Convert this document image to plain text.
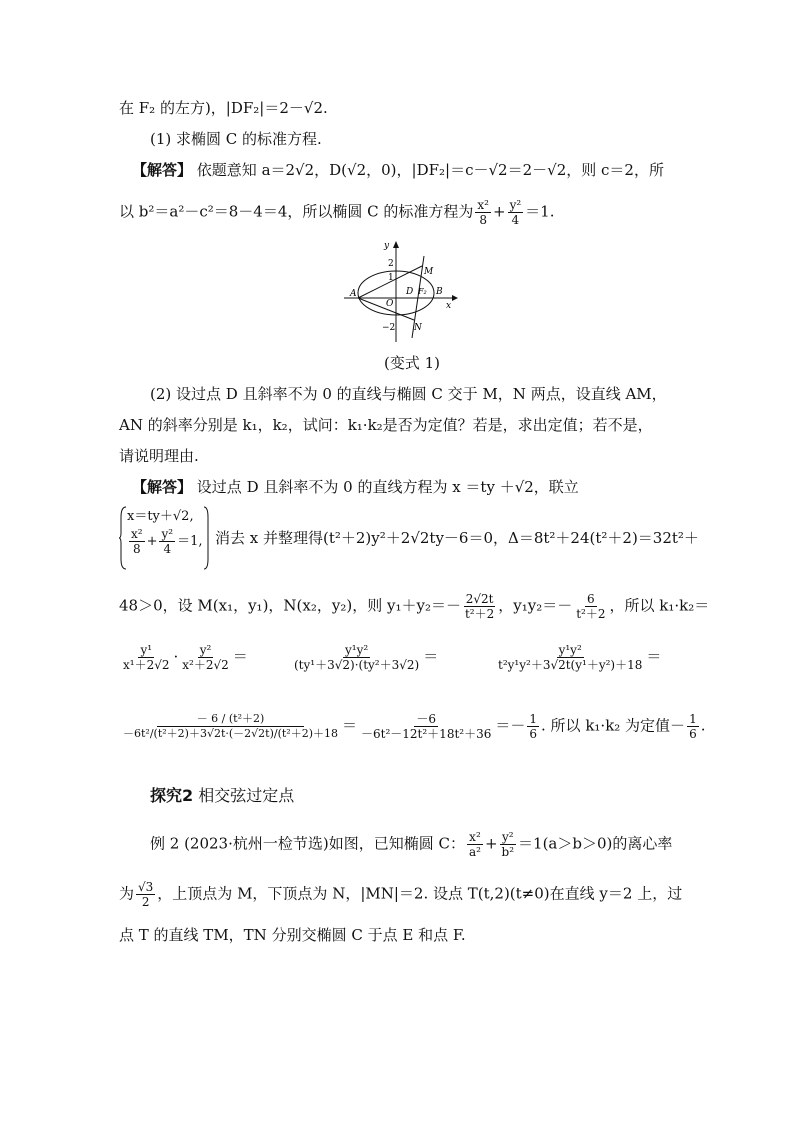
在 F₂ 的左方)，|DF₂|＝2－√2.
(1) 求椭圆 C 的标准方程.
【解答】 依题意知 a＝2√2，D(√2，0)，|DF₂|＝c－√2＝2－√2，则 c＝2，所
以 b²＝a²－c²＝8－4＝4，所以椭圆 C 的标准方程为 $\frac{\text{x²}}{8} + \frac{\text{y²}}{4} =1$.
y
2
1
A
O
D F₂ B
x
M
N
−2
(变式 1)
(2) 设过点 D 且斜率不为 0 的直线与椭圆 C 交于 M，N 两点，设直线 AM，
AN 的斜率分别是 k₁，k₂，试问：k₁·k₂是否为定值？若是，求出定值；若不是，
请说明理由.
【解答】 设过点 D 且斜率不为 0 的直线方程为 x ＝ty ＋√2，联立
x＝ty＋√2,
$\frac{\text{x²}}{8} + \frac{\text{y²}}{4} =1$, 消去 x 并整理得(t²＋2)y²＋2√2ty－6＝0，Δ＝8t²＋24(t²＋2)＝32t²＋
48＞0，设 M(x₁，y₁)，N(x₂，y₂)，则 $y_1+y_2=- \frac{2√2t}{\text{t²＋2}}$ ，$y_1y_2=- \frac{6}{\text{t²＋2}}$ ，所以 k₁·k₂＝
$\frac{\text{y¹}}{\text{x¹＋2√2}} \cdot \frac{\text{y²}}{\text{x²＋2√2}}$ ＝	$\frac{\text{y¹y²}}{\text{(ty¹＋3√2)·(ty²＋3√2)}}$ ＝	$\frac{\text{y¹y²}}{\text{t²y¹y²＋3√2t(y¹＋y²)＋18}}$ ＝
$\frac{\text{－ 6 / (t²＋2)}}{\text{－6t²/(t²＋2)＋3√2t·(－2√2t)/(t²＋2)＋18}} = \frac{-6}{\text{－6t²－12t²＋18t²＋36}} =- \frac{1}{6}$ . 所以 k₁·k₂ 为定值－ $\frac{1}{6}$ .
探究2 相交弦过定点
例 2 (2023·杭州一检节选)如图，已知椭圆 C： $\frac{\text{x²}}{\text{a²}} + \frac{\text{y²}}{\text{b²}} =1(a>b>0)$的离心率
为 $\frac{√3}{2}$ ，上顶点为 M，下顶点为 N，|MN|＝2. 设点 T(t,2)(t≠0)在直线 y＝2 上，过
点 T 的直线 TM，TN 分别交椭圆 C 于点 E 和点 F.
